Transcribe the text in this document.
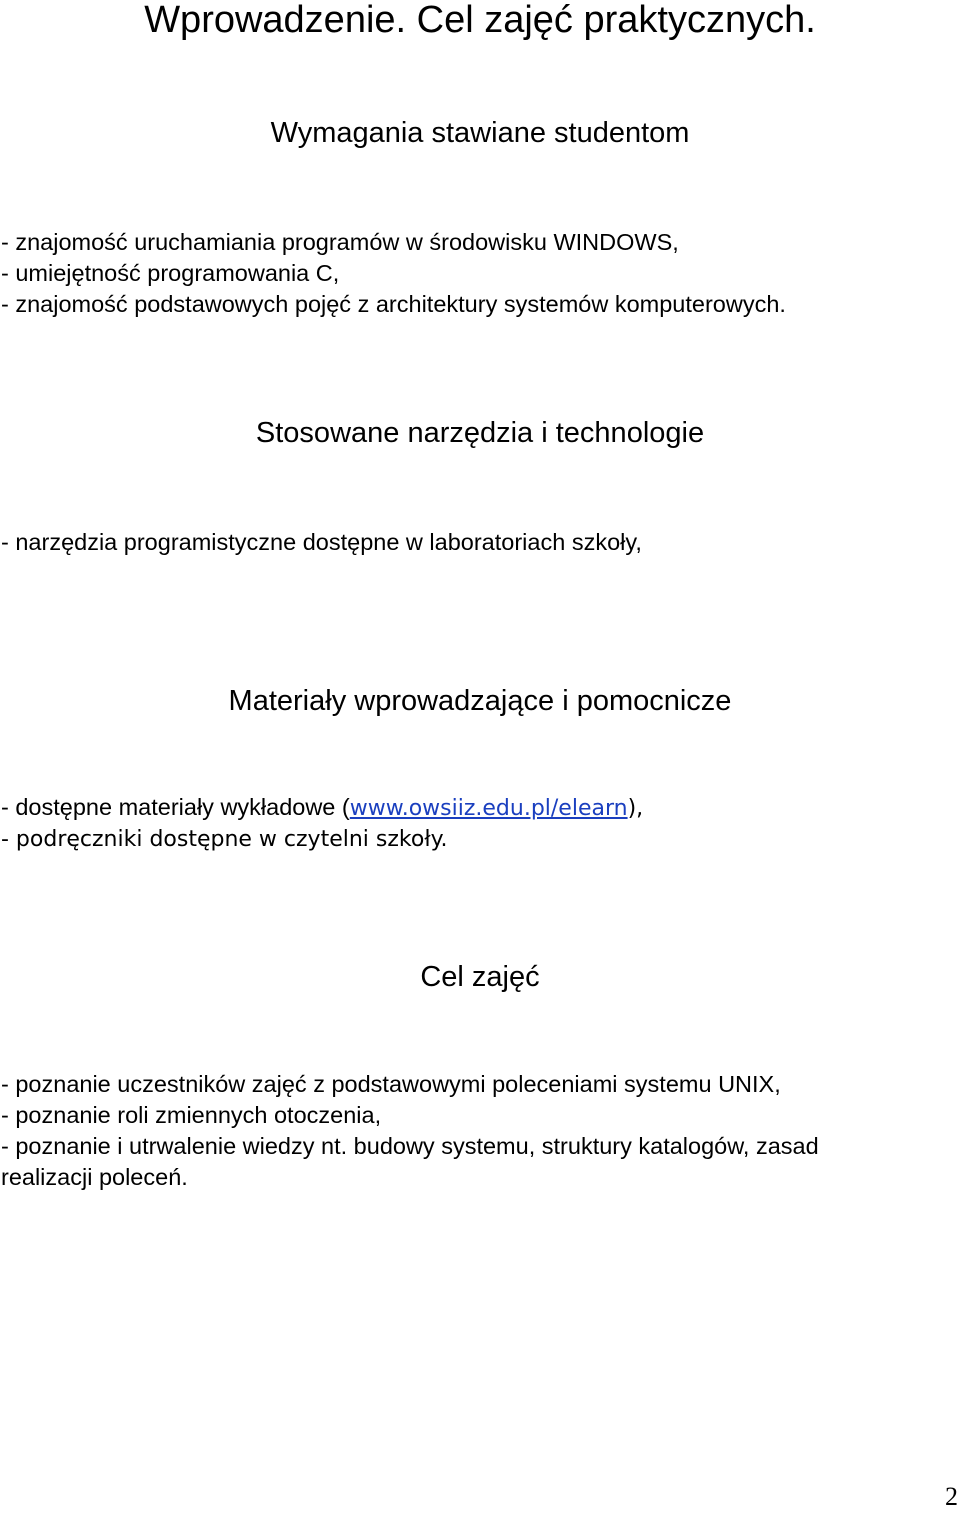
Wprowadzenie. Cel zajęć praktycznych.
Wymagania stawiane studentom
- znajomość uruchamiania programów w środowisku WINDOWS,
- umiejętność programowania C,
- znajomość podstawowych pojęć z architektury systemów komputerowych.
Stosowane narzędzia i technologie
- narzędzia programistyczne dostępne w laboratoriach szkoły,
Materiały wprowadzające i pomocnicze
- dostępne materiały wykładowe (www.owsiiz.edu.pl/elearn),
- podręczniki dostępne w czytelni szkoły.
Cel zajęć
- poznanie uczestników zajęć z podstawowymi poleceniami systemu UNIX,
- poznanie roli zmiennych otoczenia,
- poznanie i utrwalenie wiedzy nt. budowy systemu, struktury katalogów, zasad
realizacji poleceń.
2
